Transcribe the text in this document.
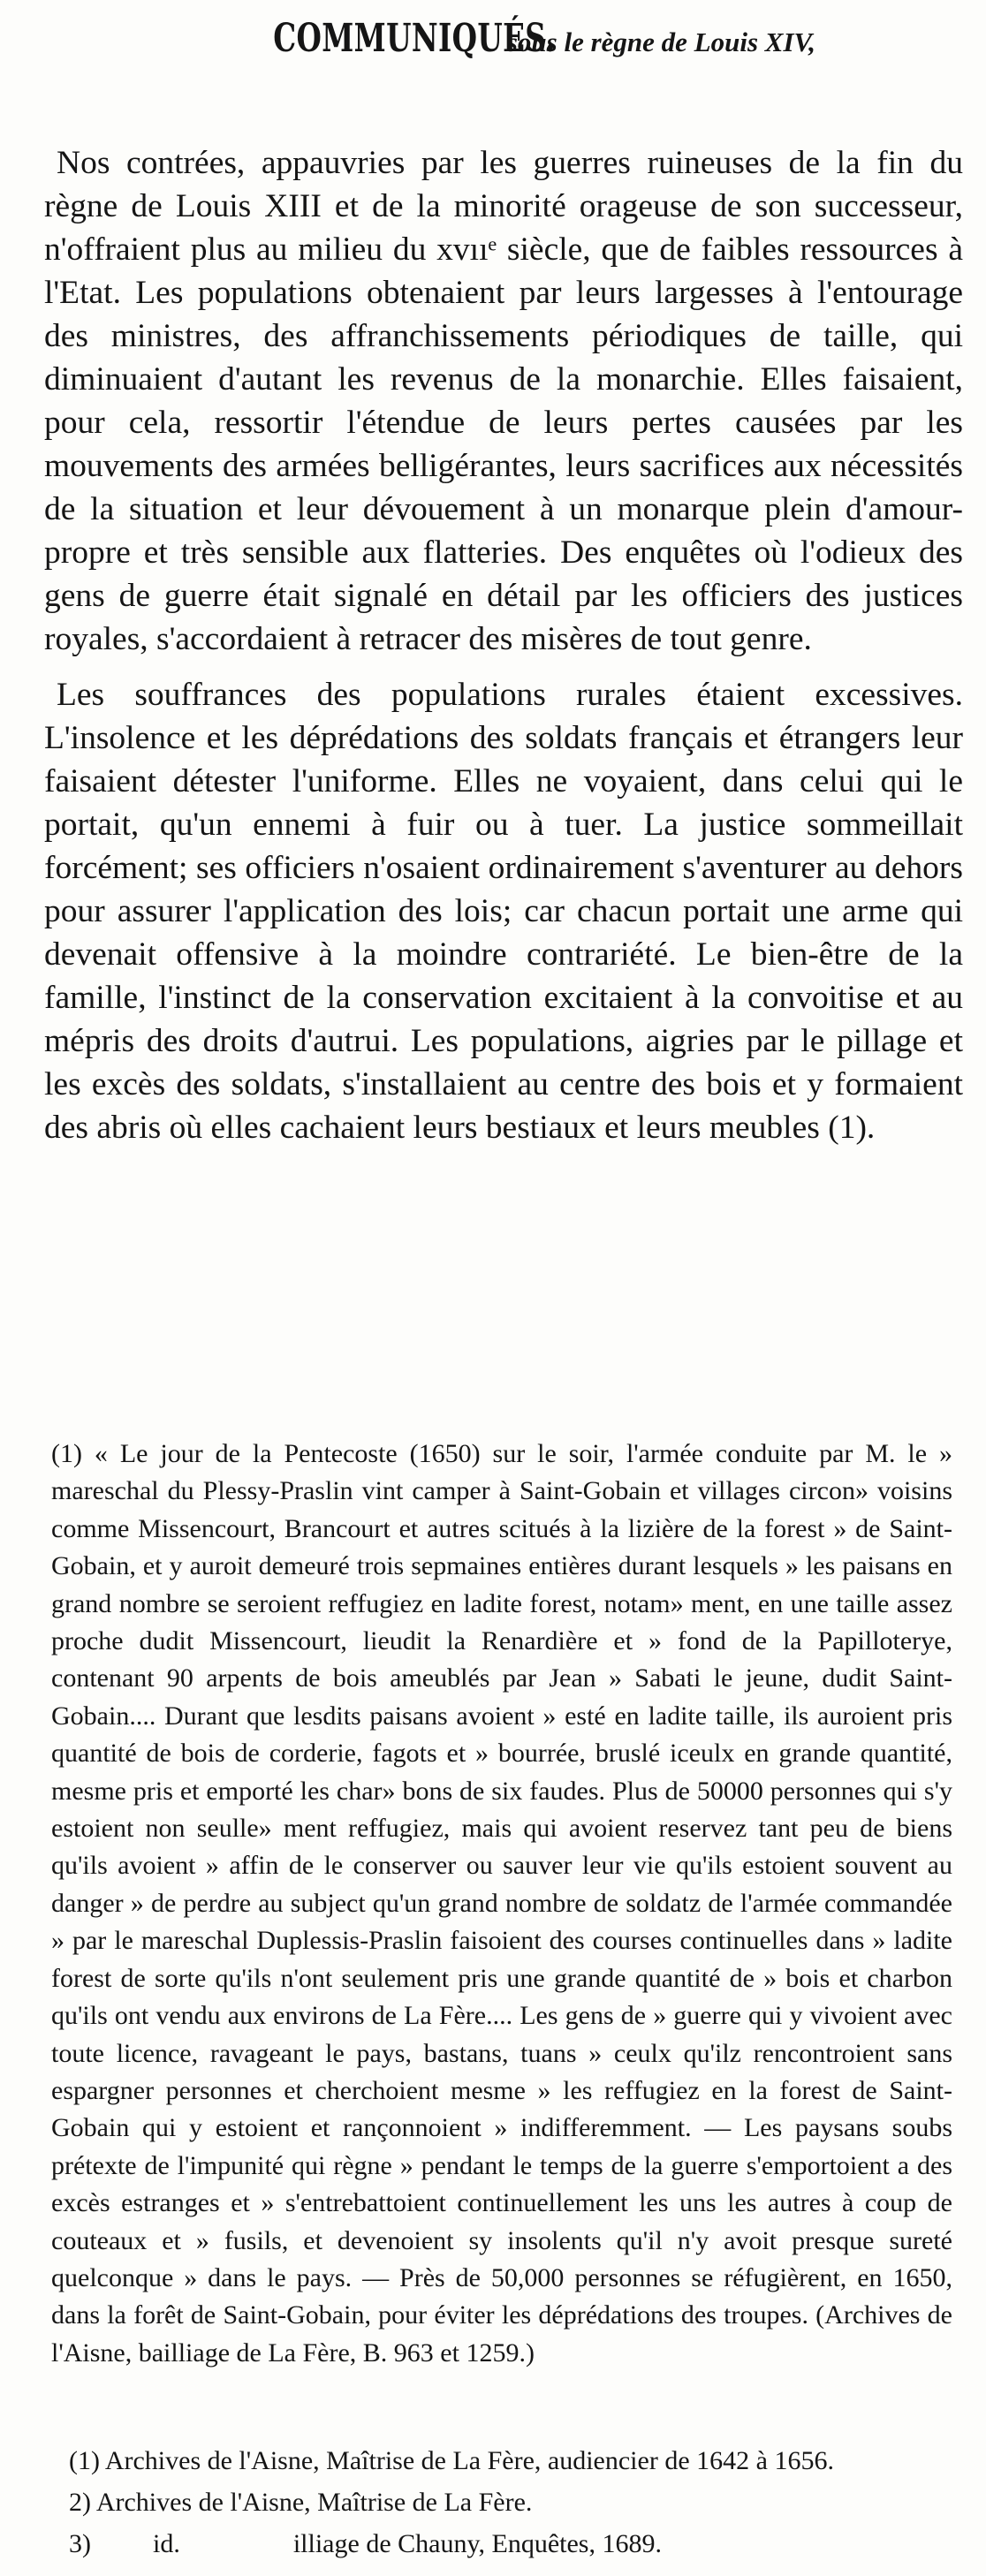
COMMUNIQUÉS. sous le règne de Louis XIV,

Nos contrées, appauvries par les guerres ruineuses de la fin du règne de Louis XIII et de la minorité orageuse de son successeur, n'offraient plus au milieu du xvııᵉ siècle, que de faibles ressources à l'Etat. Les populations obtenaient par leurs largesses à l'entourage des ministres, des affranchissements périodiques de taille, qui diminuaient d'autant les revenus de la monarchie. Elles faisaient, pour cela, ressortir l'étendue de leurs pertes causées par les mouvements des armées belligérantes, leurs sacrifices aux nécessités de la situation et leur dévouement à un monarque plein d'amour-propre et très sensible aux flatteries. Des enquêtes où l'odieux des gens de guerre était signalé en détail par les officiers des justices royales, s'accordaient à retracer des misères de tout genre.

Les souffrances des populations rurales étaient excessives. L'insolence et les déprédations des soldats français et étrangers leur faisaient détester l'uniforme. Elles ne voyaient, dans celui qui le portait, qu'un ennemi à fuir ou à tuer. La justice sommeillait forcément; ses officiers n'osaient ordinairement s'aventurer au dehors pour assurer l'application des lois; car chacun portait une arme qui devenait offensive à la moindre contrariété. Le bien-être de la famille, l'instinct de la conservation excitaient à la convoitise et au mépris des droits d'autrui. Les populations, aigries par le pillage et les excès des soldats, s'installaient au centre des bois et y formaient des abris où elles cachaient leurs bestiaux et leurs meubles (1).

(1) « Le jour de la Pentecoste (1650) sur le soir, l'armée conduite par M. le » mareschal du Plessy-Praslin vint camper à Saint-Gobain et villages circon» voisins comme Missencourt, Brancourt et autres scitués à la lizière de la forest » de Saint-Gobain, et y auroit demeuré trois sepmaines entières durant lesquels » les paisans en grand nombre se seroient reffugiez en ladite forest, notam» ment, en une taille assez proche dudit Missencourt, lieudit la Renardière et » fond de la Papilloterye, contenant 90 arpents de bois ameublés par Jean » Sabati le jeune, dudit Saint-Gobain.... Durant que lesdits paisans avoient » esté en ladite taille, ils auroient pris quantité de bois de corderie, fagots et » bourrée, bruslé iceulx en grande quantité, mesme pris et emporté les char» bons de six faudes. Plus de 50000 personnes qui s'y estoient non seulle» ment reffugiez, mais qui avoient reservez tant peu de biens qu'ils avoient » affin de le conserver ou sauver leur vie qu'ils estoient souvent au danger » de perdre au subject qu'un grand nombre de soldatz de l'armée commandée » par le mareschal Duplessis-Praslin faisoient des courses continuelles dans » ladite forest de sorte qu'ils n'ont seulement pris une grande quantité de » bois et charbon qu'ils ont vendu aux environs de La Fère.... Les gens de » guerre qui y vivoient avec toute licence, ravageant le pays, bastans, tuans » ceulx qu'ilz rencontroient sans espargner personnes et cherchoient mesme » les reffugiez en la forest de Saint-Gobain qui y estoient et rançonnoient » indifferemment. — Les paysans soubs prétexte de l'impunité qui règne » pendant le temps de la guerre s'emportoient a des excès estranges et » s'entrebattoient continuellement les uns les autres à coup de couteaux et » fusils, et devenoient sy insolents qu'il n'y avoit presque sureté quelconque » dans le pays. — Près de 50,000 personnes se réfugièrent, en 1650, dans la forêt de Saint-Gobain, pour éviter les déprédations des troupes. (Archives de l'Aisne, bailliage de La Fère, B. 963 et 1259.)

(1) Archives de l'Aisne, Maîtrise de La Fère, audiencier de 1642 à 1656.

2) Archives de l'Aisne, Maîtrise de La Fère.

3) id.	illiage de Chauny, Enquêtes, 1689.
